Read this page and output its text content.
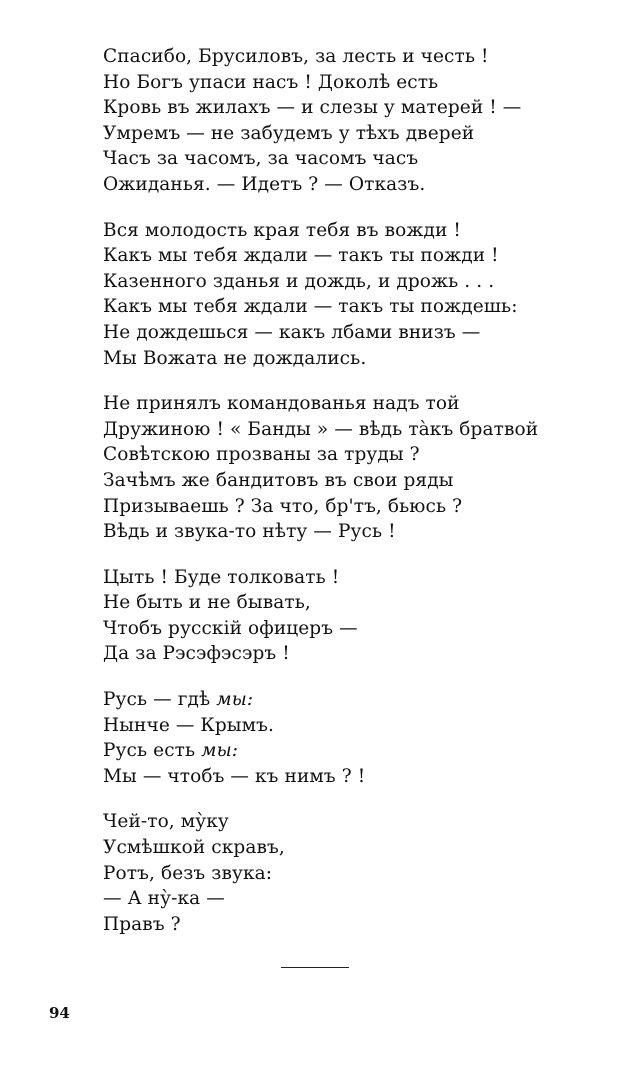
Спасибо, Брусиловъ, за лесть и честь !
Но Богъ упаси насъ ! Доколѣ есть
Кровь въ жилахъ — и слезы у матерей ! —
Умремъ — не забудемъ у тѣхъ дверей
Часъ за часомъ, за часомъ часъ
Ожиданья. — Идетъ ? — Отказъ.
Вся молодость края тебя въ вожди !
Какъ мы тебя ждали — такъ ты пожди !
Казенного зданья и дождь, и дрожь . . .
Какъ мы тебя ждали — такъ ты пождешь:
Не дождешься — какъ лбами внизъ —
Мы Вожата не дождались.
Не принялъ командованья надъ той
Дружиною ! « Банды » — вѣдь та̀къ братвой
Совѣтскою прозваны за труды ?
Зачѣмъ же бандитовъ въ свои ряды
Призываешь ? За что, бр'тъ, бьюсь ?
Вѣдь и звука-то нѣту — Русь !
Цыть ! Буде толковать !
Не быть и не бывать,
Чтобъ русскій офицеръ —
Да за Рэсэфэсэръ !
Русь — гдѣ мы:
Нынче — Крымъ.
Русь есть мы:
Мы — чтобъ — къ нимъ ? !
Чей-то, му̀ку
Усмѣшкой скравъ,
Ротъ, безъ звука:
— А ну̀-ка —
Правъ ?
94
